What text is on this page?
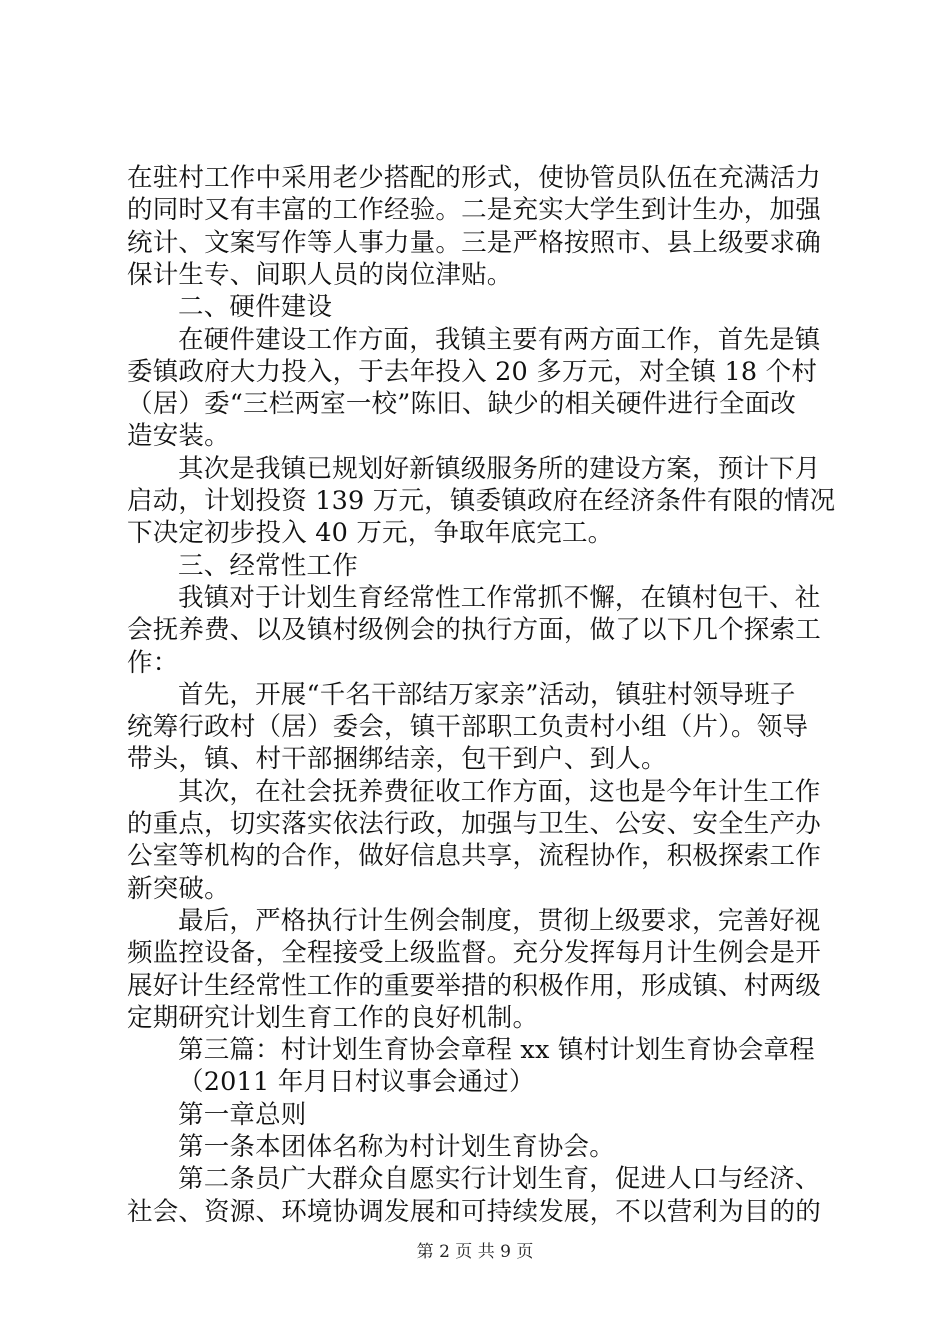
在驻村工作中采用老少搭配的形式，使协管员队伍在充满活力
的同时又有丰富的工作经验。二是充实大学生到计生办，加强
统计、文案写作等人事力量。三是严格按照市、县上级要求确
保计生专、间职人员的岗位津贴。
二、硬件建设
在硬件建设工作方面，我镇主要有两方面工作，首先是镇
委镇政府大力投入，于去年投入 20 多万元，对全镇 18 个村
（居）委“三栏两室一校”陈旧、缺少的相关硬件进行全面改
造安装。
其次是我镇已规划好新镇级服务所的建设方案，预计下月
启动，计划投资 139 万元，镇委镇政府在经济条件有限的情况
下决定初步投入 40 万元，争取年底完工。
三、经常性工作
我镇对于计划生育经常性工作常抓不懈，在镇村包干、社
会抚养费、以及镇村级例会的执行方面，做了以下几个探索工
作：
首先，开展“千名干部结万家亲”活动，镇驻村领导班子
统筹行政村（居）委会，镇干部职工负责村小组（片）。领导
带头，镇、村干部捆绑结亲，包干到户、到人。
其次，在社会抚养费征收工作方面，这也是今年计生工作
的重点，切实落实依法行政，加强与卫生、公安、安全生产办
公室等机构的合作，做好信息共享，流程协作，积极探索工作
新突破。
最后，严格执行计生例会制度，贯彻上级要求，完善好视
频监控设备，全程接受上级监督。充分发挥每月计生例会是开
展好计生经常性工作的重要举措的积极作用，形成镇、村两级
定期研究计划生育工作的良好机制。
第三篇：村计划生育协会章程 xx 镇村计划生育协会章程
（2011 年月日村议事会通过）
第一章总则
第一条本团体名称为村计划生育协会。
第二条员广大群众自愿实行计划生育，促进人口与经济、
社会、资源、环境协调发展和可持续发展，不以营利为目的的
第 2 页 共 9 页
